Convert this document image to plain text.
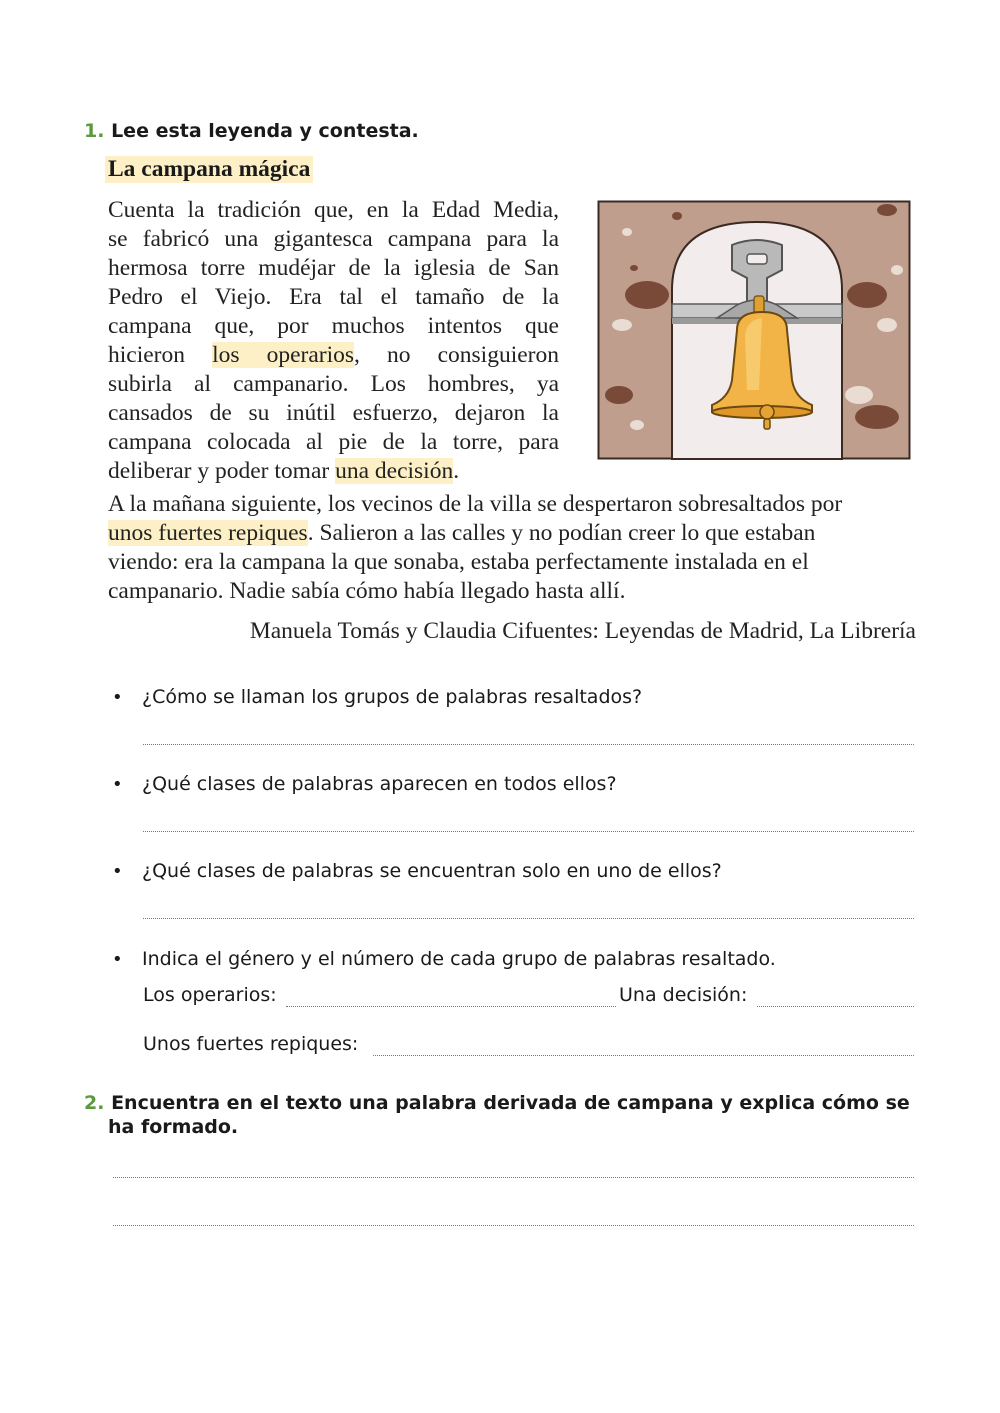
1. Lee esta leyenda y contesta.
La campana mágica

Cuenta la tradición que, en la Edad Media,

se fabricó una gigantesca campana para la

hermosa torre mudéjar de la iglesia de San

Pedro el Viejo. Era tal el tamaño de la

campana que, por muchos intentos que

hicieron los operarios, no consiguieron

subirla al campanario. Los hombres, ya

cansados de su inútil esfuerzo, dejaron la

campana colocada al pie de la torre, para

deliberar y poder tomar una decisión.

A la mañana siguiente, los vecinos de la villa se despertaron sobresaltados por
unos fuertes repiques. Salieron a las calles y no podían creer lo que estaban
viendo: era la campana la que sonaba, estaba perfectamente instalada en el
campanario. Nadie sabía cómo había llegado hasta allí.
Manuela Tomás y Claudia Cifuentes: Leyendas de Madrid, La Librería
• ¿Cómo se llaman los grupos de palabras resaltados?
• ¿Qué clases de palabras aparecen en todos ellos?
• ¿Qué clases de palabras se encuentran solo en uno de ellos?
• Indica el género y el número de cada grupo de palabras resaltado.
Los operarios:	Una decisión:
Unos fuertes repiques:
2. Encuentra en el texto una palabra derivada de campana y explica cómo se
ha formado.
